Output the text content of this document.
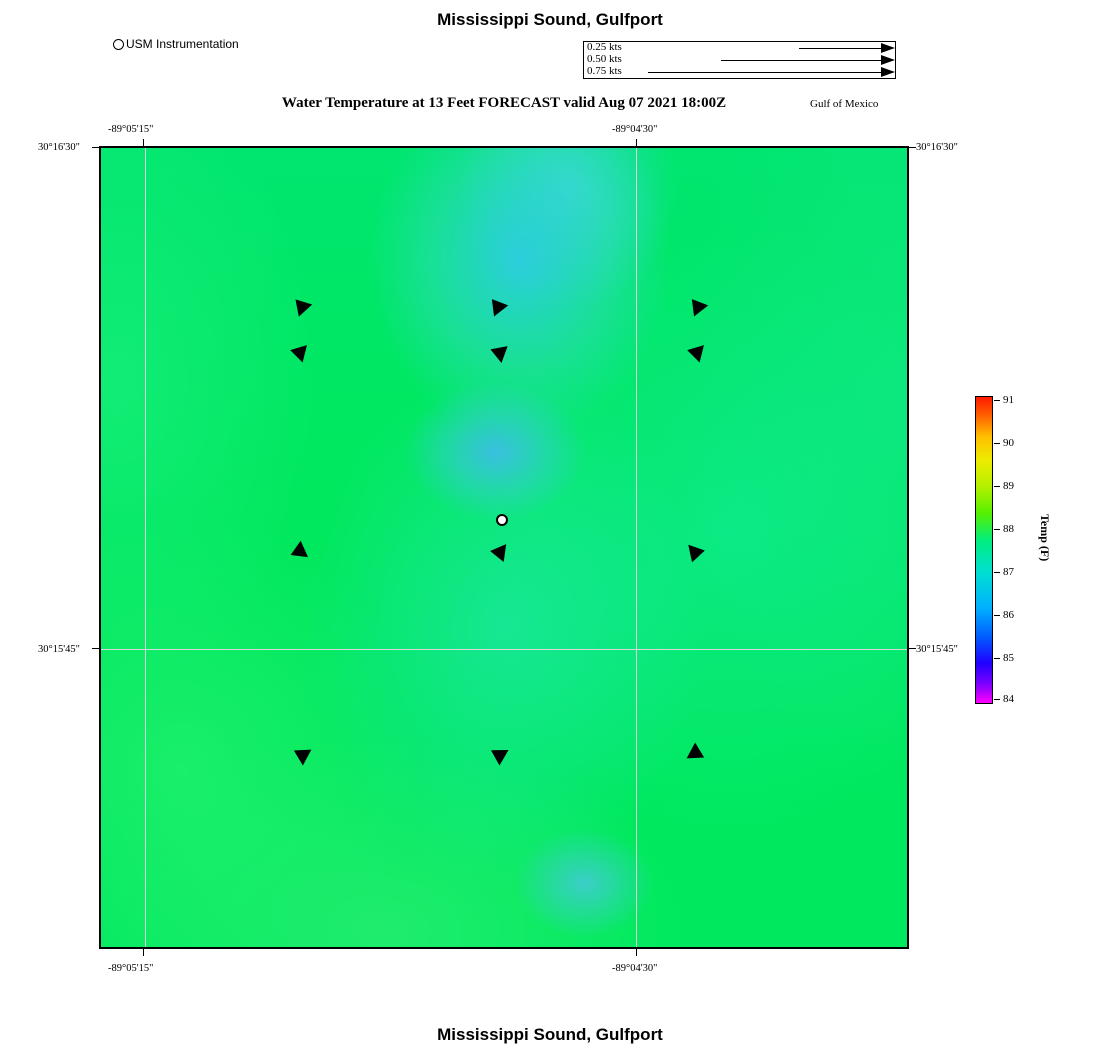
Mississippi Sound, Gulfport
Mississippi Sound, Gulfport
USM Instrumentation	0.25 kts
0.50 kts
0.75 kts
Water Temperature at 13 Feet FORECAST valid Aug 07 2021 18:00Z	Gulf of Mexico
-89°05'15"	-89°04'30"
30°16'30"
30°15'45"
30°16'30"
30°15'45"
-89°05'15"	-89°04'30"
91
90
89
88
87
86
85
84
Temp (F)
